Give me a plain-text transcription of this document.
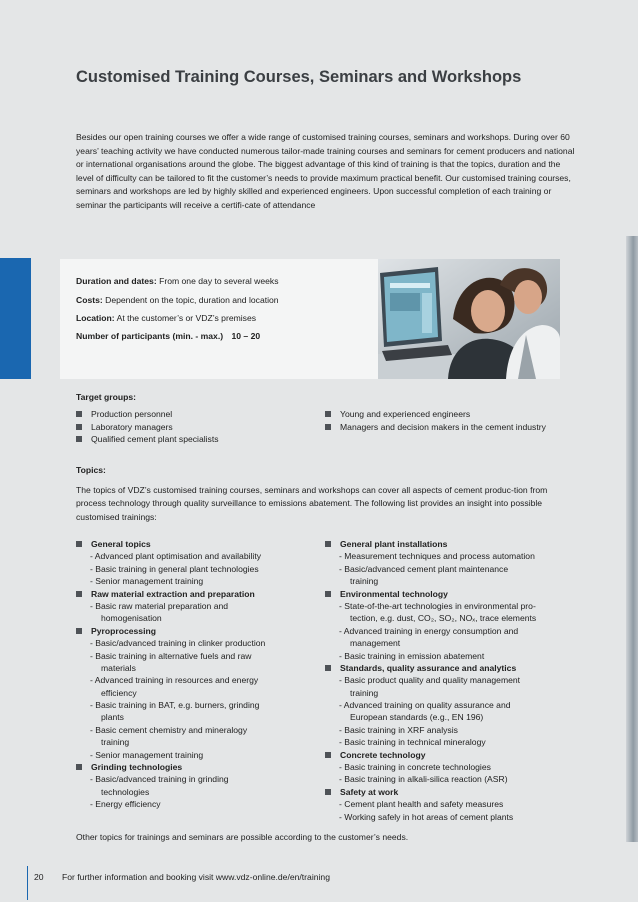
Customised Training Courses, Seminars and Workshops
Besides our open training courses we offer a wide range of customised training courses, seminars and workshops. During over 60 years’ teaching activity we have conducted numerous tailor-made training courses and seminars for cement producers and national or international organisations around the globe. The biggest advantage of this kind of training is that the topics, duration and the level of difficulty can be tailored to fit the customer’s needs to provide maximum practical benefit. Our customised training courses, seminars and workshops are led by highly skilled and experienced engineers. Upon successful completion of each training or seminar the participants will receive a certifi-cate of attendance
Duration and dates: From one day to several weeks
Costs: Dependent on the topic, duration and location
Location: At the customer’s or VDZ’s premises
Number of participants (min. - max.) 10 – 20
Target groups:
Production personnel
Laboratory managers
Qualified cement plant specialists
Young and experienced engineers
Managers and decision makers in the cement industry
Topics:
The topics of VDZ’s customised training courses, seminars and workshops can cover all aspects of cement produc-tion from process technology through quality surveillance to emissions abatement. The following list provides an insight into possible customised trainings:
General topics
- Advanced plant optimisation and availability
- Basic training in general plant technologies
- Senior management training
Raw material extraction and preparation
- Basic raw material preparation and
homogenisation
Pyroprocessing
- Basic/advanced training in clinker production
- Basic training in alternative fuels and raw
materials
- Advanced training in resources and energy
efficiency
- Basic training in BAT, e.g. burners, grinding
plants
- Basic cement chemistry and mineralogy
training
- Senior management training
Grinding technologies
- Basic/advanced training in grinding
technologies
- Energy efficiency
General plant installations
- Measurement techniques and process automation
- Basic/advanced cement plant maintenance
training
Environmental technology
- State-of-the-art technologies in environmental pro-
tection, e.g. dust, CO₂, SO₂, NOₓ, trace elements
- Advanced training in energy consumption and
management
- Basic training in emission abatement
Standards, quality assurance and analytics
- Basic product quality and quality management
training
- Advanced training on quality assurance and
European standards (e.g., EN 196)
- Basic training in XRF analysis
- Basic training in technical mineralogy
Concrete technology
- Basic training in concrete technologies
- Basic training in alkali-silica reaction (ASR)
Safety at work
- Cement plant health and safety measures
- Working safely in hot areas of cement plants
Other topics for trainings and seminars are possible according to the customer’s needs.
20 For further information and booking visit www.vdz-online.de/en/training
